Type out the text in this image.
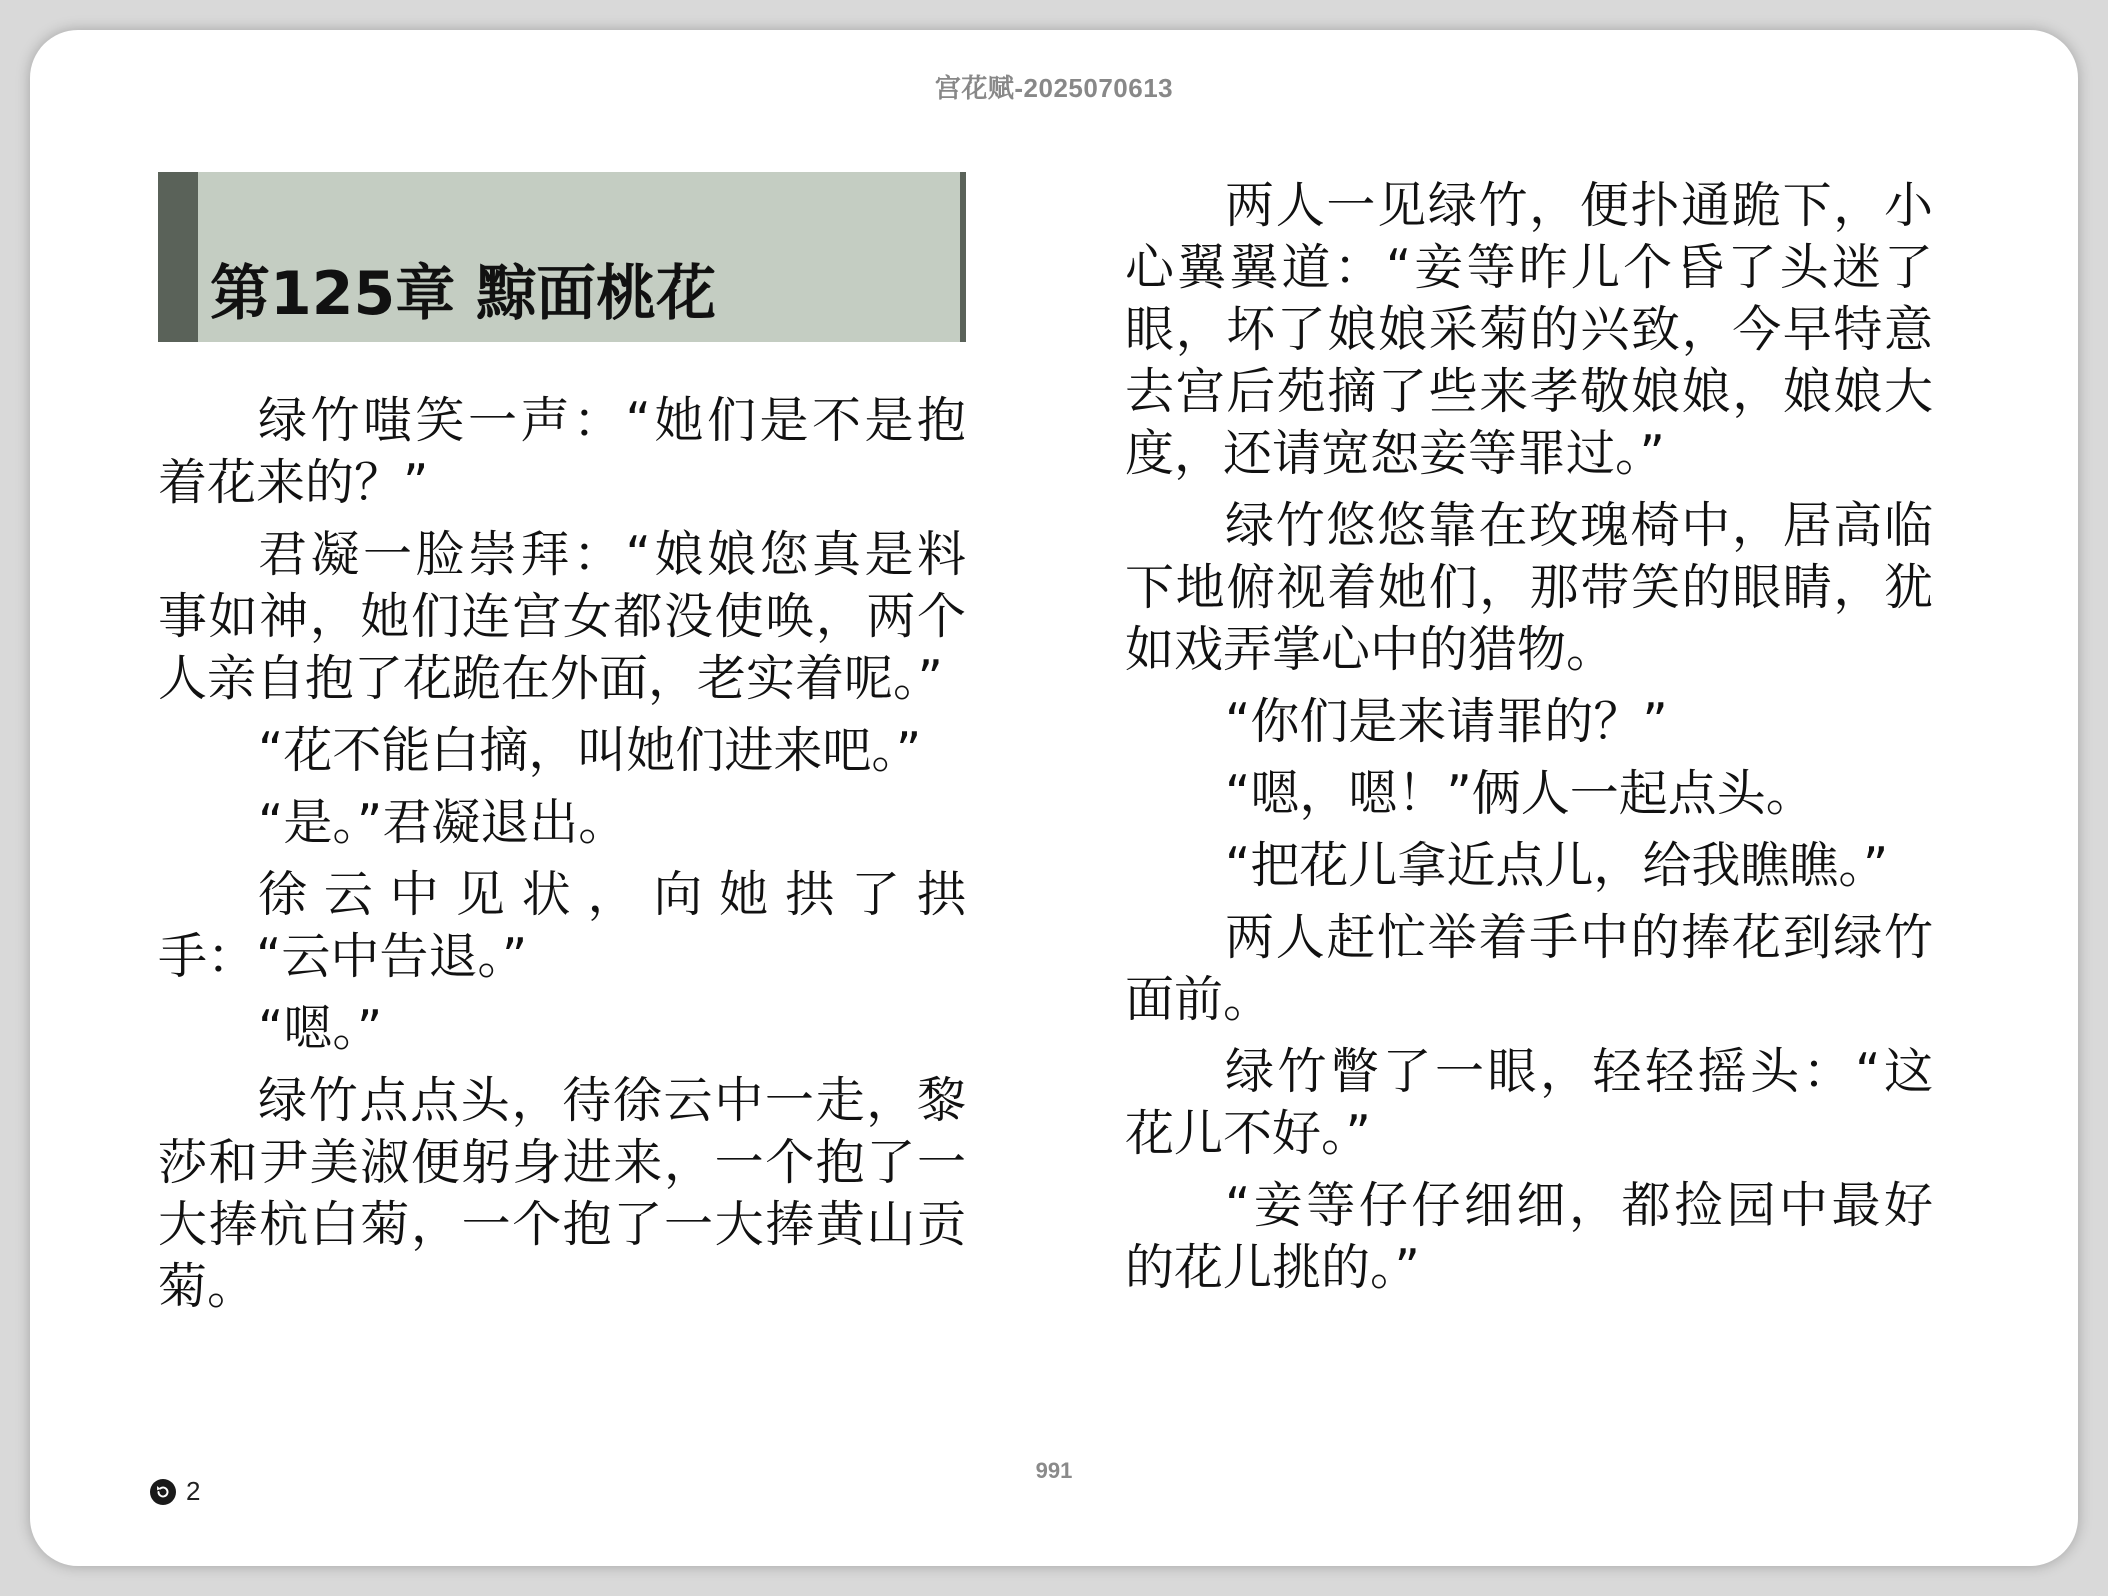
宫花赋-2025070613
第125章 黥面桃花

绿竹嗤笑一声：“她们是不是抱着花来的？”

君凝一脸崇拜：“娘娘您真是料事如神，她们连宫女都没使唤，两个人亲自抱了花跪在外面，老实着呢。”

“花不能白摘，叫她们进来吧。”

“是。”君凝退出。

徐云中见状，向她拱了拱手：“云中告退。”

“嗯。”

绿竹点点头，待徐云中一走，黎莎和尹美淑便躬身进来，一个抱了一大捧杭白菊，一个抱了一大捧黄山贡菊。

两人一见绿竹，便扑通跪下，小心翼翼道：“妾等昨儿个昏了头迷了眼，坏了娘娘采菊的兴致，今早特意去宫后苑摘了些来孝敬娘娘，娘娘大度，还请宽恕妾等罪过。”

绿竹悠悠靠在玫瑰椅中，居高临下地俯视着她们，那带笑的眼睛，犹如戏弄掌心中的猎物。

“你们是来请罪的？”

“嗯，嗯！”俩人一起点头。

“把花儿拿近点儿，给我瞧瞧。”

两人赶忙举着手中的捧花到绿竹面前。

绿竹瞥了一眼，轻轻摇头：“这花儿不好。”

“妾等仔仔细细，都捡园中最好的花儿挑的。”

991
2
